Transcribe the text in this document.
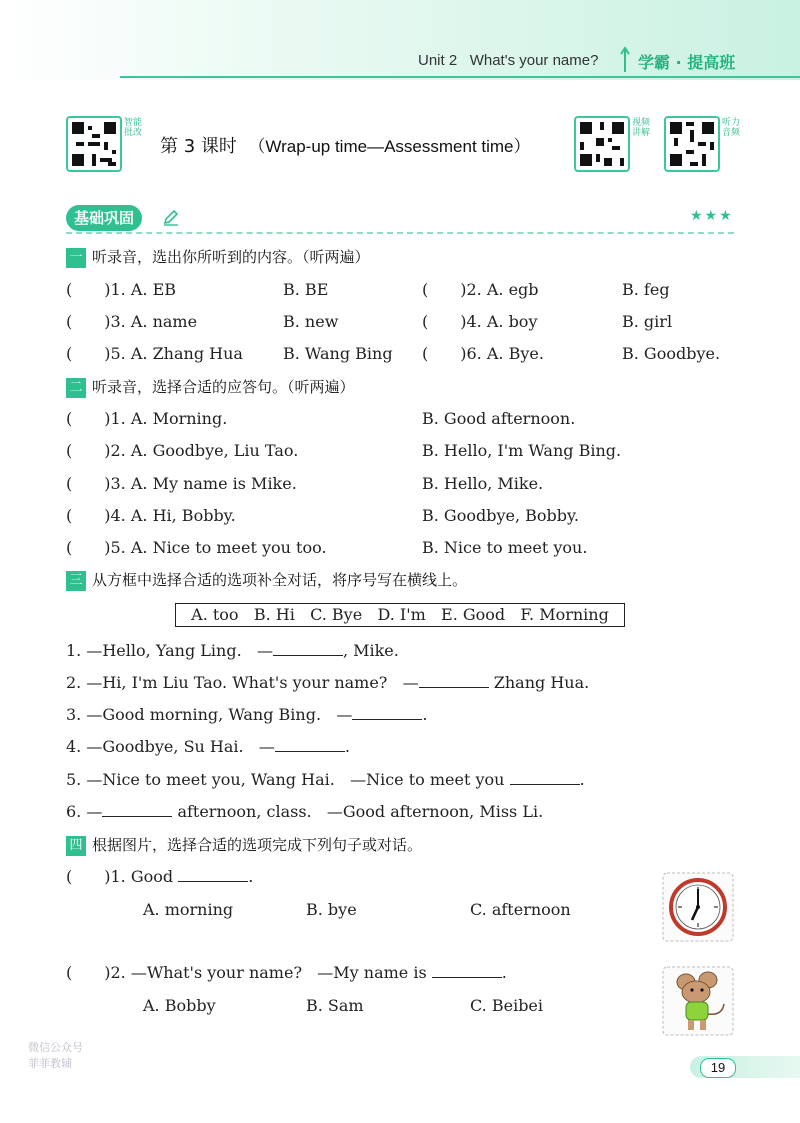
Unit 2 What's your name? 学霸 · 提高班
智能批改
视频讲解
听力音频
第 3 课时 （Wrap-up time—Assessment time）
基础巩固	★★★
一 听录音，选出你所听到的内容。（听两遍）
(  )1. A. EB	B. BE	(  )2. A. egb	B. feg
(  )3. A. name	B. new	(  )4. A. boy	B. girl
(  )5. A. Zhang Hua	B. Wang Bing (  )6. A. Bye.	B. Goodbye.
二 听录音，选择合适的应答句。（听两遍）
(  )1. A. Morning.	B. Good afternoon.
(  )2. A. Goodbye, Liu Tao.	B. Hello, I'm Wang Bing.
(  )3. A. My name is Mike.	B. Hello, Mike.
(  )4. A. Hi, Bobby.	B. Goodbye, Bobby.
(  )5. A. Nice to meet you too.	B. Nice to meet you.
三 从方框中选择合适的选项补全对话，将序号写在横线上。
A. too   B. Hi   C. Bye   D. I'm   E. Good   F. Morning
1. —Hello, Yang Ling.   —	, Mike.
2. —Hi, I'm Liu Tao. What's your name?   —	Zhang Hua.
3. —Good morning, Wang Bing.   —	.
4. —Goodbye, Su Hai.   —	.
5. —Nice to meet you, Wang Hai.   —Nice to meet you	.
6. —	afternoon, class.   —Good afternoon, Miss Li.
四 根据图片，选择合适的选项完成下列句子或对话。
(  )1. Good	.
A. morning	B. bye	C. afternoon
(  )2. —What's your name?   —My name is	.
A. Bobby	B. Sam	C. Beibei
微信公众号
菲菲教辅	19
